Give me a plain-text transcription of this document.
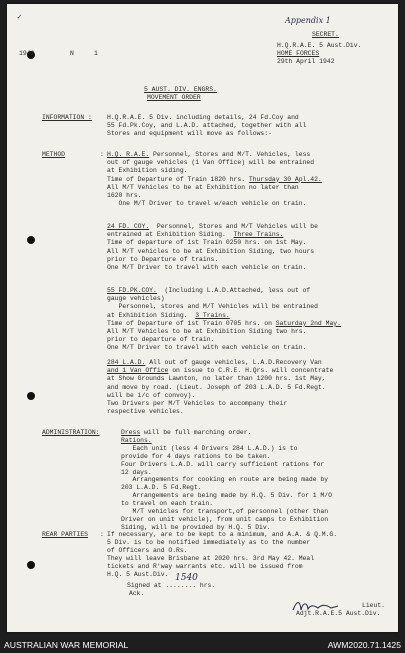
Appendix 1
✓
1942	N	1
SECRET.
H.Q.R.A.E. 5 Aust.Div.
HOME FORCES
29th April 1942
5 AUST. DIV. ENGRS.
MOVEMENT ORDER
INFORMATION : H.Q.R.A.E. 5 Div. including details, 24 Fd.Coy and
55 Fd.Pk.Coy, and L.A.D. attached, together with all
Stores and equipment will move as follows:-
METHOD	: H.Q. R.A.E. Personnel, Stores and M/T. Vehicles, less
out of gauge vehicles (1 Van Office) will be entrained
at Exhibition siding.
Time of Departure of Train 1820 hrs. Thursday 30 Apl.42.
All M/T Vehicles to be at Exhibition no later than
1620 hrs.
One M/T Driver to travel w/each vehicle on train.
24 FD. COY.  Personnel, Stores and M/T Vehicles will be
entrained at Exhibition Siding.  Three Trains.
Time of departure of 1st Train 0250 hrs. on 1st May.
All M/T vehicles to be at Exhibition Siding, two hours
prior to Departure of trains.
One M/T Driver to travel with each vehicle on train.
55 FD.PK.COY.  (Including L.A.D.Attached, less out of
gauge vehicles)
Personnel, stores and M/T Vehicles will be entrained
at Exhibition Siding.  3 Trains.
Time of Departure of 1st Train 0705 hrs. on Saturday 2nd May.
All M/T Vehicles to be at Exhibition Siding two hrs.
prior to departure of train.
One M/T Driver to travel with each vehicle on train.
284 L.A.D. All out of gauge vehicles, L.A.D.Recovery Van
and 1 Van Office on issue to C.R.E. H.Qrs. will concentrate
at Show Grounds Lawnton, no later than 1200 hrs. 1st May,
and move by road. (Lieut. Joseph of 203 L.A.D. 5 Fd.Regt.
will be i/c of convoy).
Two Drivers per M/T Vehicles to accompany their
respective vehicles.
ADMINISTRATION:	Dress will be full marching order.
Rations.
Each unit (less 4 Drivers 284 L.A.D.) is to
provide for 4 days rations to be taken.
Four Drivers L.A.D. will carry sufficient rations for
12 days.
Arrangements for cooking en route are being made by
203 L.A.D. 5 Fd.Regt.
Arrangements are being made by H.Q. 5 Div. for 1 M/O
to travel on each train.
M/T vehicles for transport,of personnel (other than
Driver on unit vehicle), from unit camps to Exhibition
Siding, will be provided by H.Q. 5 Div.
REAR PARTIES : If necessary, are to be kept to a minimum, and A.A. & Q.M.G.
5 Div. is to be notified immediately as to the number
of Officers and O.Rs.
They will leave Brisbane at 2020 hrs. 3rd May 42. Meal
tickets and R'way warrants etc. will be issued from
H.Q. 5 Aust.Div.
Signed at ........ hrs.
1540
Ack.
Lieut.
Adjt.R.A.E.5 Aust.Div.
AUSTRALIAN WAR MEMORIAL	AWM2020.71.1425
